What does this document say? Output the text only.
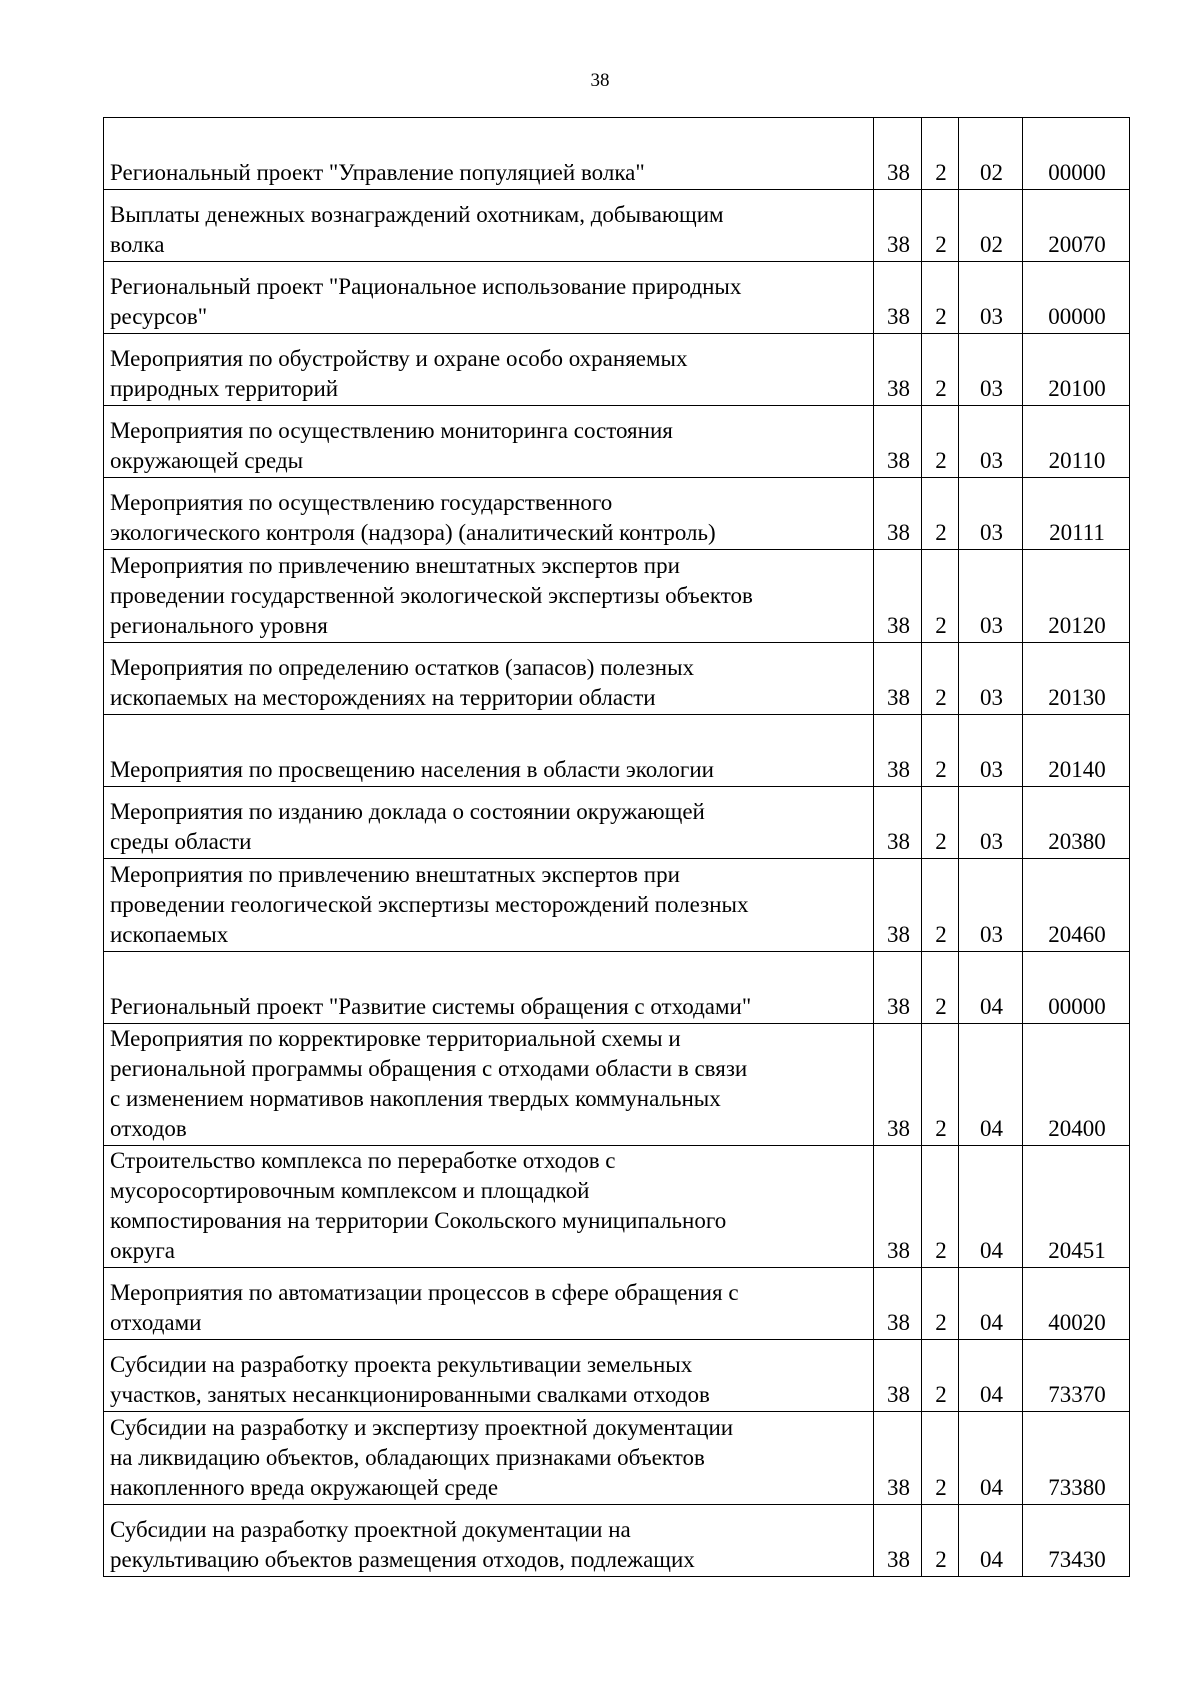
38
Региональный проект "Управление популяцией волка"	38	2	02	00000
Выплаты денежных вознаграждений охотникам, добывающим
волка	38	2	02	20070
Региональный проект "Рациональное использование природных
ресурсов"	38	2	03	00000
Мероприятия по обустройству и охране особо охраняемых
природных территорий	38	2	03	20100
Мероприятия по осуществлению мониторинга состояния
окружающей среды	38	2	03	20110
Мероприятия по осуществлению государственного
экологического контроля (надзора) (аналитический контроль)	38	2	03	20111
Мероприятия по привлечению внештатных экспертов при
проведении государственной экологической экспертизы объектов
регионального уровня	38	2	03	20120
Мероприятия по определению остатков (запасов) полезных
ископаемых на месторождениях на территории области	38	2	03	20130
Мероприятия по просвещению населения в области экологии	38	2	03	20140
Мероприятия по изданию доклада о состоянии окружающей
среды области	38	2	03	20380
Мероприятия по привлечению внештатных экспертов при
проведении геологической экспертизы месторождений полезных
ископаемых	38	2	03	20460
Региональный проект "Развитие системы обращения с отходами"	38	2	04	00000
Мероприятия по корректировке территориальной схемы и
региональной программы обращения с отходами области в связи
с изменением нормативов накопления твердых коммунальных
отходов	38	2	04	20400
Строительство комплекса по переработке отходов с
мусоросортировочным комплексом и площадкой
компостирования на территории Сокольского муниципального
округа	38	2	04	20451
Мероприятия по автоматизации процессов в сфере обращения с
отходами	38	2	04	40020
Субсидии на разработку проекта рекультивации земельных
участков, занятых несанкционированными свалками отходов	38	2	04	73370
Субсидии на разработку и экспертизу проектной документации
на ликвидацию объектов, обладающих признаками объектов
накопленного вреда окружающей среде	38	2	04	73380
Субсидии на разработку проектной документации на
рекультивацию объектов размещения отходов, подлежащих	38	2	04	73430
